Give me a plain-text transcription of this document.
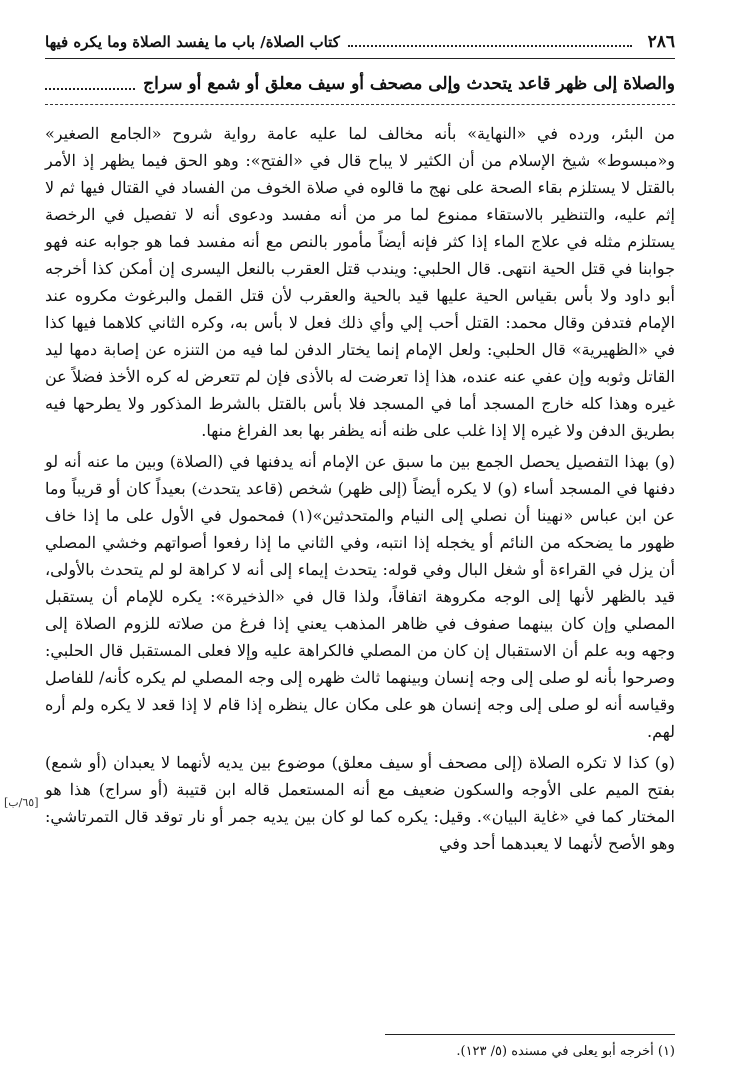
٢٨٦
كتاب الصلاة/ باب ما يفسد الصلاة وما يكره فيها
والصلاة إلى ظهر قاعد يتحدث وإلى مصحف أو سيف معلق أو شمع أو سراج

من البئر، ورده في «النهاية» بأنه مخالف لما عليه عامة رواية شروح «الجامع الصغير» و«مبسوط» شيخ الإسلام من أن الكثير لا يباح قال في «الفتح»: وهو الحق فيما يظهر إذ الأمر بالقتل لا يستلزم بقاء الصحة على نهج ما قالوه في صلاة الخوف من الفساد في القتال فيها ثم لا إثم عليه، والتنظير بالاستقاء ممنوع لما مر من أنه مفسد ودعوى أنه لا تفصيل في الرخصة يستلزم مثله في علاج الماء إذا كثر فإنه أيضاً مأمور بالنص مع أنه مفسد فما هو جوابه عنه فهو جوابنا في قتل الحية انتهى. قال الحلبي: ويندب قتل العقرب بالنعل اليسرى إن أمكن كذا أخرجه أبو داود ولا بأس بقياس الحية عليها قيد بالحية والعقرب لأن قتل القمل والبرغوث مكروه عند الإمام فتدفن وقال محمد: القتل أحب إلي وأي ذلك فعل لا بأس به، وكره الثاني كلاهما فيها كذا في «الظهيرية» قال الحلبي: ولعل الإمام إنما يختار الدفن لما فيه من التنزه عن إصابة دمها ليد القاتل وثوبه وإن عفي عنه عنده، هذا إذا تعرضت له بالأذى فإن لم تتعرض له كره الأخذ فضلاً عن غيره وهذا كله خارج المسجد أما في المسجد فلا بأس بالقتل بالشرط المذكور ولا يطرحها فيه بطريق الدفن ولا غيره إلا إذا غلب على ظنه أنه يظفر بها بعد الفراغ منها.

(و) بهذا التفصيل يحصل الجمع بين ما سبق عن الإمام أنه يدفنها في (الصلاة) وبين ما عنه أنه لو دفنها في المسجد أساء (و) لا يكره أيضاً (إلى ظهر) شخص (قاعد يتحدث) بعيداً كان أو قريباً وما عن ابن عباس «نهينا أن نصلي إلى النيام والمتحدثين»(١) فمحمول في الأول على ما إذا خاف ظهور ما يضحكه من النائم أو يخجله إذا انتبه، وفي الثاني ما إذا رفعوا أصواتهم وخشي المصلي أن يزل في القراءة أو شغل البال وفي قوله: يتحدث إيماء إلى أنه لا كراهة لو لم يتحدث بالأولى، قيد بالظهر لأنها إلى الوجه مكروهة اتفاقاً، ولذا قال في «الذخيرة»: يكره للإمام أن يستقبل المصلي وإن كان بينهما صفوف في ظاهر المذهب يعني إذا فرغ من صلاته للزوم الصلاة إلى وجهه وبه علم أن الاستقبال إن كان من المصلي فالكراهة عليه وإلا فعلى المستقبل قال الحلبي: وصرحوا بأنه لو صلى إلى وجه إنسان وبينهما ثالث ظهره إلى وجه المصلي لم يكره كأنه/ للفاصل وقياسه أنه لو صلى إلى وجه إنسان هو على مكان عال ينظره إذا قام لا إذا قعد لا يكره ولم أره لهم.

(و) كذا لا تكره الصلاة (إلى مصحف أو سيف معلق) موضوع بين يديه لأنهما لا يعبدان (أو شمع) بفتح الميم على الأوجه والسكون ضعيف مع أنه المستعمل قاله ابن قتيبة (أو سراج) هذا هو المختار كما في «غاية البيان». وقيل: يكره كما لو كان بين يديه جمر أو نار توقد قال التمرتاشي: وهو الأصح لأنهما لا يعبدهما أحد وفي

[٦٥/ب]
(١) أخرجه أبو يعلى في مسنده (٥/ ١٢٣).
